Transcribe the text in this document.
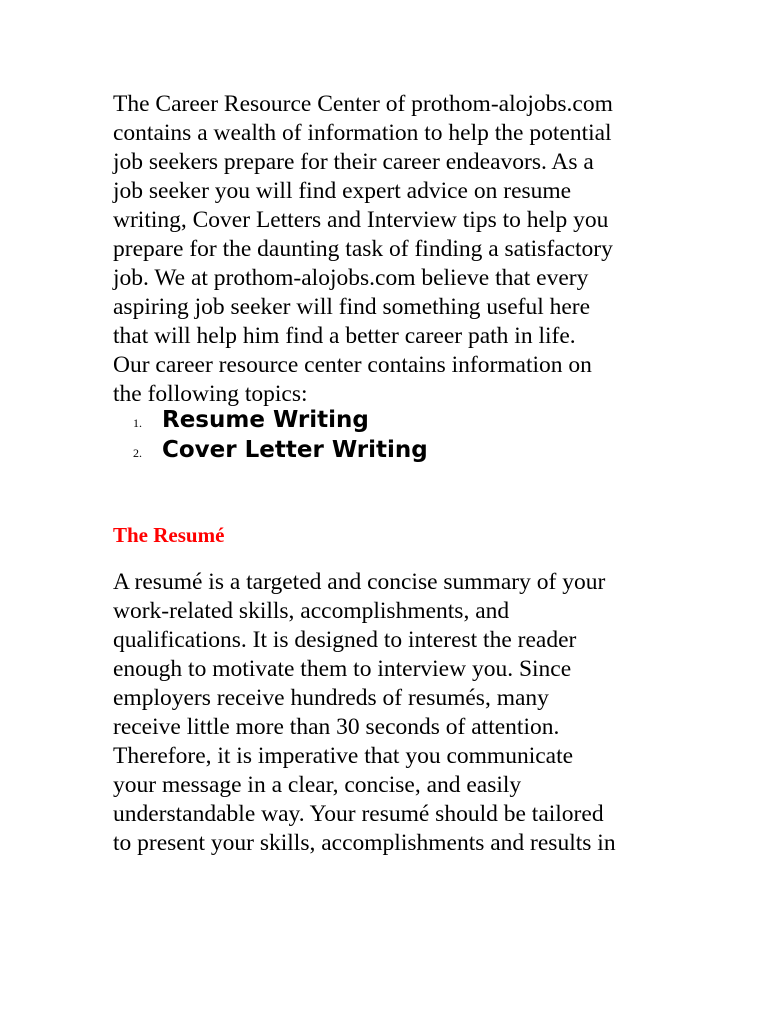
The Career Resource Center of prothom-alojobs.com
contains a wealth of information to help the potential
job seekers prepare for their career endeavors. As a
job seeker you will find expert advice on resume
writing, Cover Letters and Interview tips to help you
prepare for the daunting task of finding a satisfactory
job. We at prothom-alojobs.com believe that every
aspiring job seeker will find something useful here
that will help him find a better career path in life.
Our career resource center contains information on
the following topics:

1. Resume Writing
2. Cover Letter Writing
The Resumé

A resumé is a targeted and concise summary of your
work-related skills, accomplishments, and
qualifications. It is designed to interest the reader
enough to motivate them to interview you. Since
employers receive hundreds of resumés, many
receive little more than 30 seconds of attention.
Therefore, it is imperative that you communicate
your message in a clear, concise, and easily
understandable way. Your resumé should be tailored
to present your skills, accomplishments and results in
